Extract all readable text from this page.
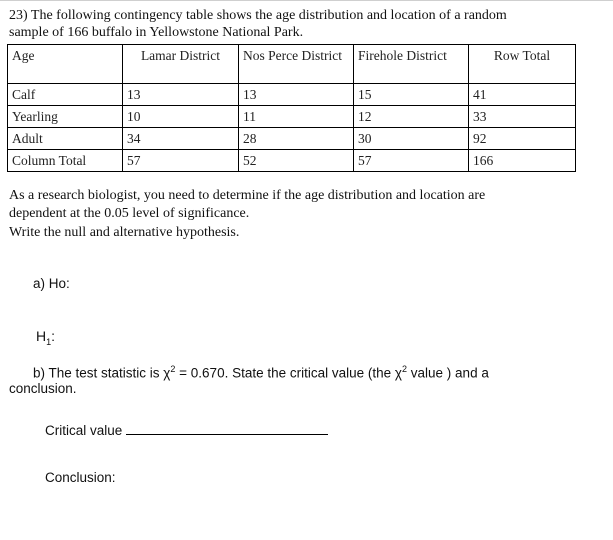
23) The following contingency table shows the age distribution and location of a random
sample of 166 buffalo in Yellowstone National Park.
Age	Lamar District	Nos Perce District	Firehole District	Row Total
Calf	13	13	15	41
Yearling	10	11	12	33
Adult	34	28	30	92
Column Total	57	52	57	166
As a research biologist, you need to determine if the age distribution and location are
dependent at the 0.05 level of significance.
Write the null and alternative hypothesis.
a) Ho:
$H_1$:
b) The test statistic is $\chi^2 = 0.670$. State the critical value (the $\chi^2$ value ) and a
conclusion.
Critical value
Conclusion:
